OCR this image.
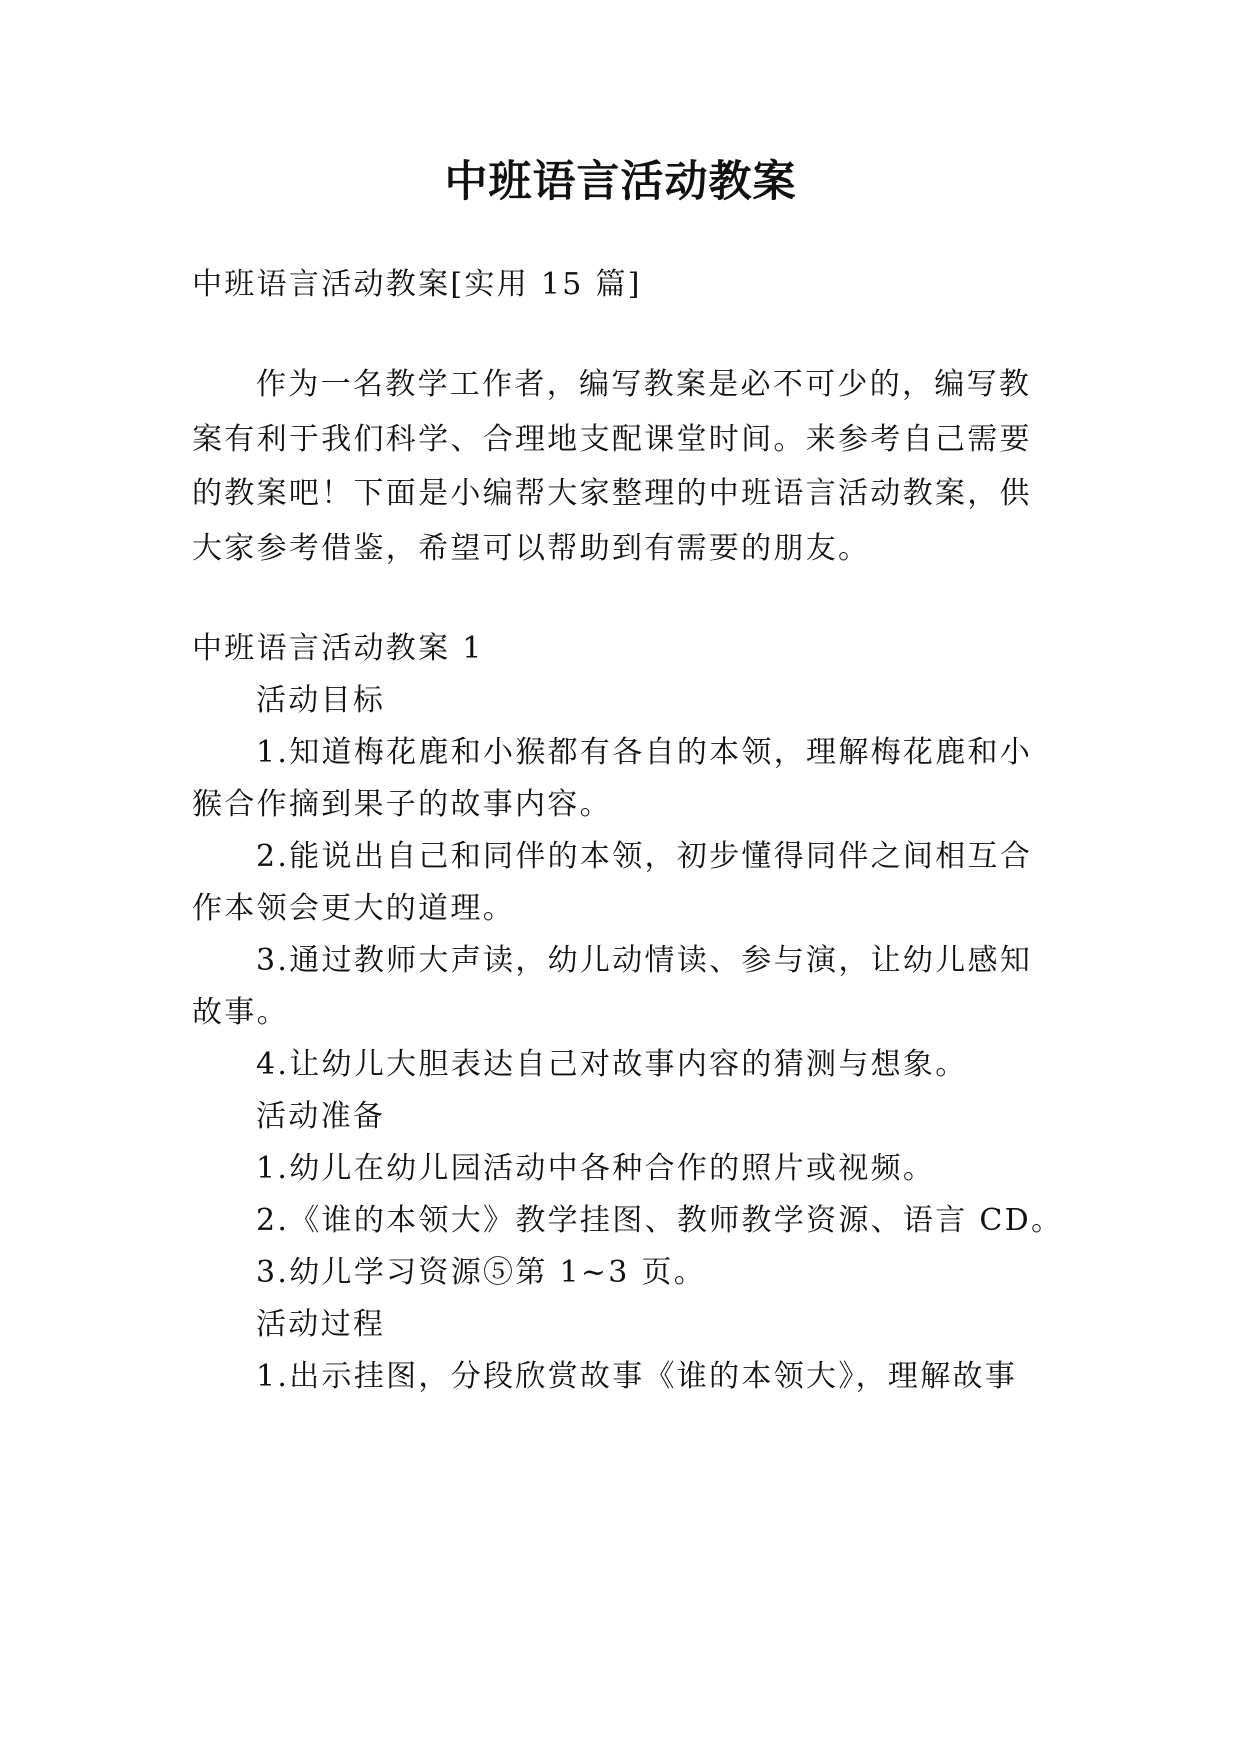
中班语言活动教案

中班语言活动教案[实用 15 篇]

作为一名教学工作者，编写教案是必不可少的，编写教

案有利于我们科学、合理地支配课堂时间。来参考自己需要

的教案吧！下面是小编帮大家整理的中班语言活动教案，供

大家参考借鉴，希望可以帮助到有需要的朋友。

中班语言活动教案 1

活动目标

1.知道梅花鹿和小猴都有各自的本领，理解梅花鹿和小

猴合作摘到果子的故事内容。

2.能说出自己和同伴的本领，初步懂得同伴之间相互合

作本领会更大的道理。

3.通过教师大声读，幼儿动情读、参与演，让幼儿感知

故事。

4.让幼儿大胆表达自己对故事内容的猜测与想象。

活动准备

1.幼儿在幼儿园活动中各种合作的照片或视频。

2.《谁的本领大》教学挂图、教师教学资源、语言 CD。

3.幼儿学习资源⑤第 1~3 页。

活动过程

1.出示挂图，分段欣赏故事《谁的本领大》，理解故事
